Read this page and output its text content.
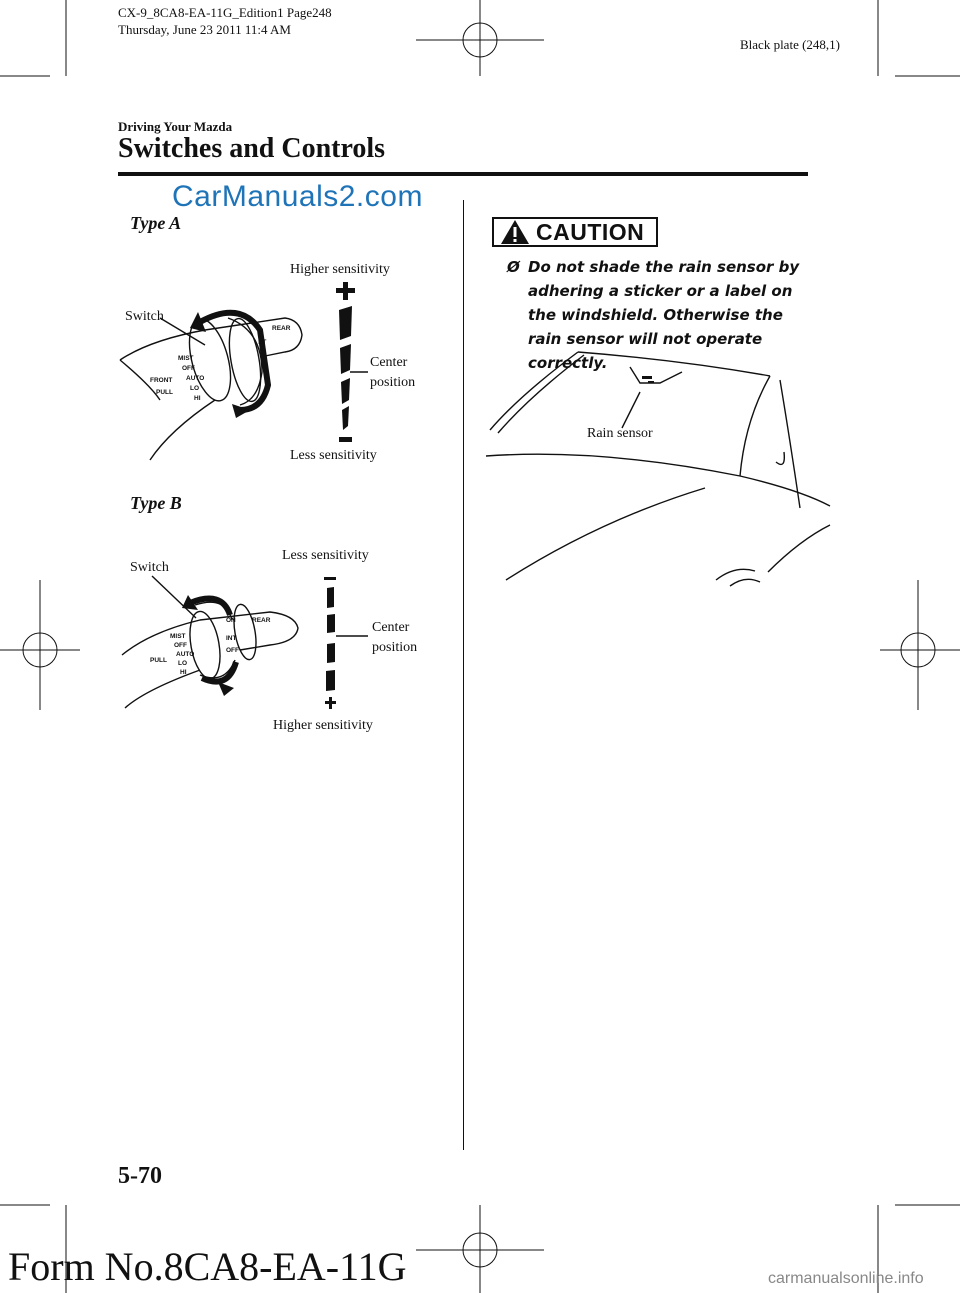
CX-9_8CA8-EA-11G_Edition1 Page248
Thursday, June 23 2011 11:4 AM
Black plate (248,1)
Driving Your Mazda
Switches and Controls
CarManuals2.com
Type A
Higher sensitivity
Switch
Center
position
Less sensitivity
MIST
OFF
AUTO
LO
HI
FRONT
PULL
REAR
ST
Type B
Less sensitivity
Switch
Center
position
Higher sensitivity
MIST
OFF
AUTO
LO
HI
PULL
ON
INT
OFF
REAR
CAUTION
Ø Do not shade the rain sensor by adhering a sticker or a label on the windshield. Otherwise the rain sensor will not operate correctly.
Rain sensor
5-70
Form No.8CA8-EA-11G	carmanualsonline.info
